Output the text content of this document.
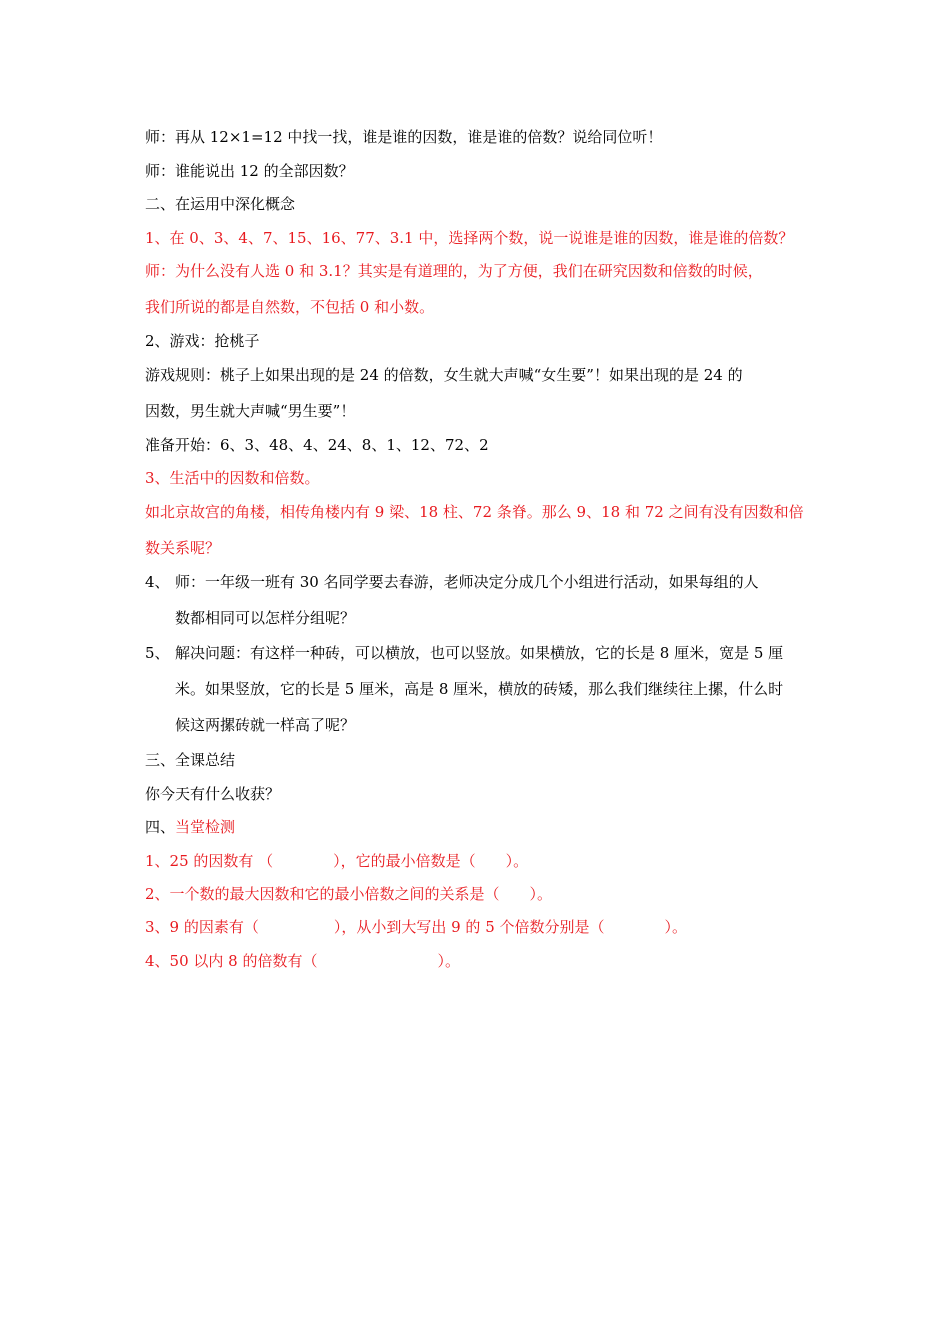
师：再从 12×1=12 中找一找，谁是谁的因数，谁是谁的倍数？说给同位听！
师：谁能说出 12 的全部因数？
二、在运用中深化概念
1、在 0、3、4、7、15、16、77、3.1 中，选择两个数，说一说谁是谁的因数，谁是谁的倍数？
师：为什么没有人选 0 和 3.1？其实是有道理的，为了方便，我们在研究因数和倍数的时候，
我们所说的都是自然数，不包括 0 和小数。
2、游戏：抢桃子
游戏规则：桃子上如果出现的是 24 的倍数，女生就大声喊“女生要”！如果出现的是 24 的
因数，男生就大声喊“男生要”！
准备开始：6、3、48、4、24、8、1、12、72、2
3、生活中的因数和倍数。
如北京故宫的角楼，相传角楼内有 9 梁、18 柱、72 条脊。那么 9、18 和 72 之间有没有因数和倍
数关系呢？
4、 师：一年级一班有 30 名同学要去春游，老师决定分成几个小组进行活动，如果每组的人
数都相同可以怎样分组呢？
5、 解决问题：有这样一种砖，可以横放，也可以竖放。如果横放，它的长是 8 厘米，宽是 5 厘
米。如果竖放，它的长是 5 厘米，高是 8 厘米，横放的砖矮，那么我们继续往上摞，什么时
候这两摞砖就一样高了呢？
三、全课总结
你今天有什么收获？
四、当堂检测
1、25 的因数有 （　　　　），它的最小倍数是（　　）。
2、一个数的最大因数和它的最小倍数之间的关系是（　　）。
3、9 的因素有（　　　　　），从小到大写出 9 的 5 个倍数分别是（　　　　）。
4、50 以内 8 的倍数有（　　　　　　　　）。
